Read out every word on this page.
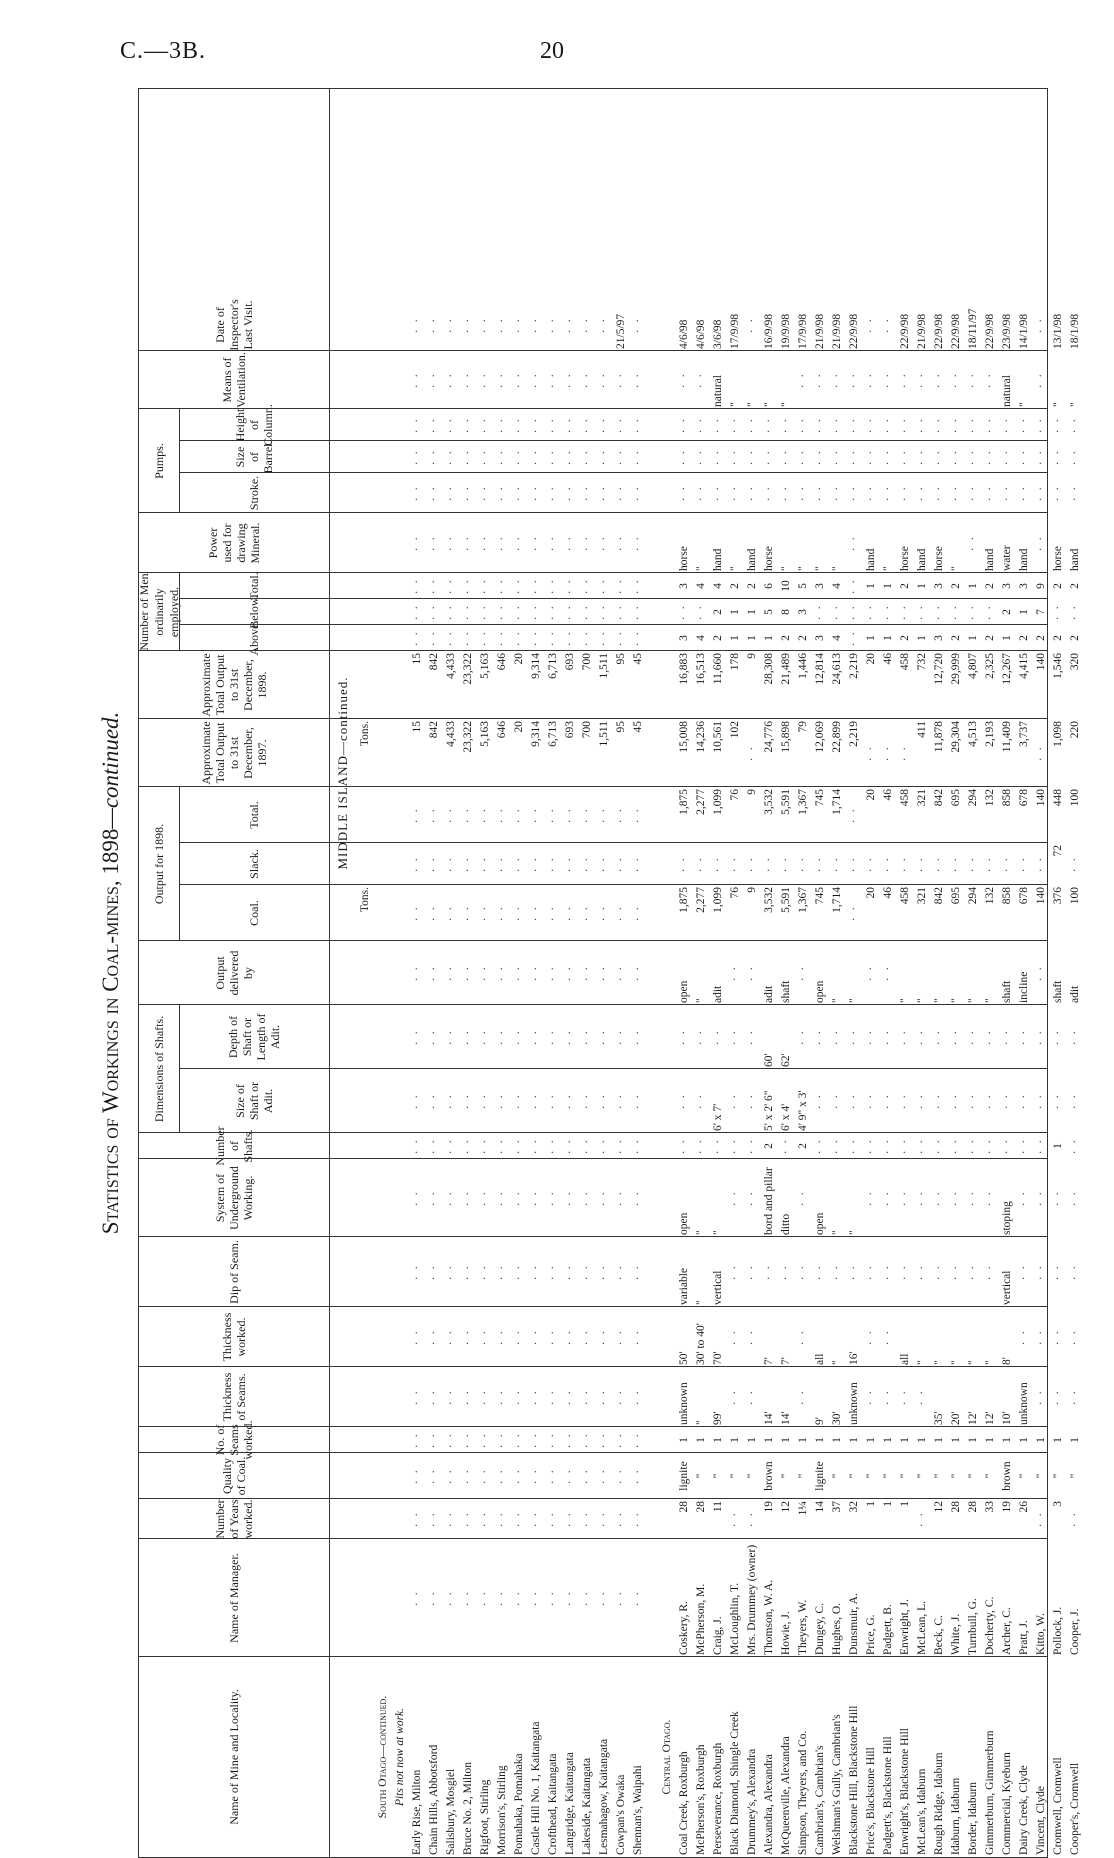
C.—3B.	20
Statistics of Workings in Coal-mines, 1898—continued.
Name of Mine and Locality.
Name of Manager.
Number of Years worked.
Quality of Coal.
No. of Seams worked.
Thickness of Seams.
Thickness worked.
Dip of Seam.
System of Underground Working.
Number of Shafts.
Size of Shaft or Adit.
Depth of Shaft or Length of Adit.
Output delivered by
Coal.
Slack.
Total.
Approximate Total Output to 31st December, 1897.
Approximate Total Output to 31st December, 1898.
Above.
Below.
Total.
Power used for drawing Mineral.
Stroke.
Size of Barrel.
Height of Column.
Means of Ventilation.
Date of Inspector's Last Visit.
Dimensions of Shafts.
Output for 1898.
Number of Men ordinarily employed.
Pumps.
MIDDLE ISLAND—continued.
Tons.
Tons.
South Otago—continued. Pits not now at work.
Early Rise, Milton
· ·
· ·
· ·
· ·
· ·
· ·
· ·
· ·
· ·
· ·
· ·
· ·
· ·
· ·
· ·
15
15
· ·
· ·
· ·
· ·
· ·
· ·
· ·
· ·
· ·
Chain Hills, Abbotsford
· ·
· ·
· ·
· ·
· ·
· ·
· ·
· ·
· ·
· ·
· ·
· ·
· ·
· ·
· ·
842
842
· ·
· ·
· ·
· ·
· ·
· ·
· ·
· ·
· ·
Salisbury, Mosgiel
· ·
· ·
· ·
· ·
· ·
· ·
· ·
· ·
· ·
· ·
· ·
· ·
· ·
· ·
· ·
4,433
4,433
· ·
· ·
· ·
· ·
· ·
· ·
· ·
· ·
· ·
Bruce No. 2, Milton
· ·
· ·
· ·
· ·
· ·
· ·
· ·
· ·
· ·
· ·
· ·
· ·
· ·
· ·
· ·
23,322
23,322
· ·
· ·
· ·
· ·
· ·
· ·
· ·
· ·
· ·
Rigfoot, Stirling
· ·
· ·
· ·
· ·
· ·
· ·
· ·
· ·
· ·
· ·
· ·
· ·
· ·
· ·
· ·
5,163
5,163
· ·
· ·
· ·
· ·
· ·
· ·
· ·
· ·
· ·
Morrison's, Stirling
· ·
· ·
· ·
· ·
· ·
· ·
· ·
· ·
· ·
· ·
· ·
· ·
· ·
· ·
· ·
646
646
· ·
· ·
· ·
· ·
· ·
· ·
· ·
· ·
· ·
Pomahaka, Pomahaka
· ·
· ·
· ·
· ·
· ·
· ·
· ·
· ·
· ·
· ·
· ·
· ·
· ·
· ·
· ·
20
20
· ·
· ·
· ·
· ·
· ·
· ·
· ·
· ·
· ·
Castle Hill No. 1, Kaitangata
· ·
· ·
· ·
· ·
· ·
· ·
· ·
· ·
· ·
· ·
· ·
· ·
· ·
· ·
· ·
9,314
9,314
· ·
· ·
· ·
· ·
· ·
· ·
· ·
· ·
· ·
Crofthead, Kaitangata
· ·
· ·
· ·
· ·
· ·
· ·
· ·
· ·
· ·
· ·
· ·
· ·
· ·
· ·
· ·
6,713
6,713
· ·
· ·
· ·
· ·
· ·
· ·
· ·
· ·
· ·
Langridge, Kaitangata
· ·
· ·
· ·
· ·
· ·
· ·
· ·
· ·
· ·
· ·
· ·
· ·
· ·
· ·
· ·
693
693
· ·
· ·
· ·
· ·
· ·
· ·
· ·
· ·
· ·
Lakeside, Kaitangata
· ·
· ·
· ·
· ·
· ·
· ·
· ·
· ·
· ·
· ·
· ·
· ·
· ·
· ·
· ·
700
700
· ·
· ·
· ·
· ·
· ·
· ·
· ·
· ·
· ·
Lesmahagow, Kaitangata
· ·
· ·
· ·
· ·
· ·
· ·
· ·
· ·
· ·
· ·
· ·
· ·
· ·
· ·
· ·
1,511
1,511
· ·
· ·
· ·
· ·
· ·
· ·
· ·
· ·
· ·
Cowpan's Owaka
· ·
· ·
· ·
· ·
· ·
· ·
· ·
· ·
· ·
· ·
· ·
· ·
· ·
· ·
· ·
95
95
· ·
· ·
· ·
· ·
· ·
· ·
· ·
· ·
21/5/97
Shennan's, Waipahi
· ·
· ·
· ·
· ·
· ·
· ·
· ·
· ·
· ·
· ·
· ·
· ·
· ·
· ·
· ·
45
45
· ·
· ·
· ·
· ·
· ·
· ·
· ·
· ·
· ·
Central Otago. Coal Creek, Roxburgh
Coskery, R.
28
lignite
1
unknown
50'
variable
open
· ·
· ·
· ·
open
1,875
· ·
1,875
15,008
16,883
3
· ·
3
horse
· ·
· ·
· ·
· ·
4/6/98
McPherson's, Roxburgh
McPherson, M.
28
"
1
"
30' to 40'
"
"
· ·
· ·
· ·
"
2,277
· ·
2,277
14,236
16,513
4
· ·
4
"
· ·
· ·
· ·
· ·
4/6/98
Perseverance, Roxburgh
Craig, J.
11
"
1
99'
70'
vertical
"
· ·
6' x 7'
· ·
adit
1,099
· ·
1,099
10,561
11,660
2
2
4
hand
· ·
· ·
· ·
natural
3/6/98
Black Diamond, Shingle Creek
McLoughlin, T.
· ·
"
1
· ·
· ·
· ·
· ·
· ·
· ·
· ·
· ·
76
· ·
76
102
178
1
1
2
"
· ·
· ·
· ·
"
17/9/98
Drummey's, Alexandra
Mrs. Drummey (owner)
· ·
"
1
· ·
· ·
· ·
· ·
· ·
· ·
· ·
· ·
9
· ·
9
· ·
9
1
1
2
hand
· ·
· ·
· ·
"
· ·
Alexandra, Alexandra
Thomson, W. A.
19
brown
1
14'
7'
· ·
bord and pillar
2
5' x 2' 6"
60'
adit
3,532
· ·
3,532
24,776
28,308
1
5
6
horse
· ·
· ·
· ·
"
16/9/98
McQueenville, Alexandra
Howie, J.
12
"
1
14'
7'
· ·
ditto
· ·
6' x 4'
62'
shaft
5,591
· ·
5,591
15,898
21,489
2
8
10
"
· ·
· ·
· ·
"
19/9/98
Simpson, Theyers, and Co.
Theyers, W.
1¼
"
1
· ·
· ·
· ·
· ·
2
4' 9" x 3'
· ·
· ·
1,367
· ·
1,367
79
1,446
2
3
5
"
· ·
· ·
· ·
· ·
17/9/98
Cambrian's, Cambrian's
Dungey, C.
14
lignite
1
9'
all
· ·
open
· ·
· ·
· ·
open
745
· ·
745
12,069
12,814
3
· ·
3
"
· ·
· ·
· ·
· ·
21/9/98
Welshman's Gully, Cambrian's
Hughes, O.
37
"
1
30'
"
· ·
"
· ·
· ·
· ·
"
1,714
· ·
1,714
22,899
24,613
4
· ·
4
"
· ·
· ·
· ·
· ·
21/9/98
Blackstone Hill, Blackstone Hill
Dunsmuir, A.
32
"
1
unknown
16'
· ·
"
· ·
· ·
· ·
"
· ·
· ·
· ·
2,219
2,219
· ·
· ·
· ·
· ·
· ·
· ·
· ·
· ·
22/9/98
Price's, Blackstone Hill
Price, G.
1
"
1
· ·
· ·
· ·
· ·
· ·
· ·
· ·
· ·
20
· ·
20
· ·
20
1
· ·
1
hand
· ·
· ·
· ·
· ·
· ·
Padgett's, Blackstone Hill
Padgett, B.
1
"
1
· ·
· ·
· ·
· ·
· ·
· ·
· ·
· ·
46
· ·
46
· ·
46
1
· ·
1
"
· ·
· ·
· ·
· ·
· ·
Enwright's, Blackstone Hill
Enwright, J.
1
"
1
· ·
all
· ·
· ·
· ·
· ·
· ·
"
458
· ·
458
· ·
458
2
· ·
2
horse
· ·
· ·
· ·
· ·
22/9/98
McLean's, Idaburn
McLean, L.
· ·
"
1
· ·
"
· ·
· ·
· ·
· ·
· ·
"
321
· ·
321
411
732
1
· ·
1
hand
· ·
· ·
· ·
· ·
21/9/98
Rough Ridge, Idaburn
Beck, C.
12
"
1
35'
"
· ·
· ·
· ·
· ·
· ·
"
842
· ·
842
11,878
12,720
3
· ·
3
horse
· ·
· ·
· ·
· ·
22/9/98
Idaburn, Idaburn
White, J.
28
"
1
20'
"
· ·
· ·
· ·
· ·
· ·
"
695
· ·
695
29,304
29,999
2
· ·
2
"
· ·
· ·
· ·
· ·
22/9/98
Border, Idaburn
Turnbull, G.
28
"
1
12'
"
· ·
· ·
· ·
· ·
· ·
"
294
· ·
294
4,513
4,807
1
· ·
1
· ·
· ·
· ·
· ·
· ·
18/11/97
Gimmerburn, Gimmerburn
Docherty, C.
33
"
1
12'
"
· ·
· ·
· ·
· ·
· ·
"
132
· ·
132
2,193
2,325
2
· ·
2
hand
· ·
· ·
· ·
· ·
22/9/98
Commercial, Kyeburn
Archer, C.
19
brown
1
10'
8'
vertical
stoping
· ·
· ·
· ·
shaft
858
· ·
858
11,409
12,267
1
2
3
water
· ·
· ·
· ·
natural
23/9/98
Dairy Creek, Clyde
Pratt, J.
26
"
1
unknown
· ·
· ·
· ·
· ·
· ·
· ·
incline
678
· ·
678
3,737
4,415
2
1
3
hand
· ·
· ·
· ·
"
14/1/98
Vincent, Clyde
Kitto, W.
· ·
"
1
· ·
· ·
· ·
· ·
· ·
· ·
· ·
· ·
140
· ·
140
· ·
140
2
7
9
· ·
· ·
· ·
· ·
· ·
· ·
Cromwell, Cromwell
Pollock, J.
3
"
1
· ·
· ·
· ·
· ·
1
· ·
· ·
shaft
376
72
448
1,098
1,546
2
· ·
2
horse
· ·
· ·
· ·
"
13/1/98
Cooper's, Cromwell
Cooper, J.
· ·
"
1
· ·
· ·
· ·
· ·
· ·
· ·
· ·
adit
100
· ·
100
220
320
2
· ·
2
hand
· ·
· ·
· ·
"
18/1/98
